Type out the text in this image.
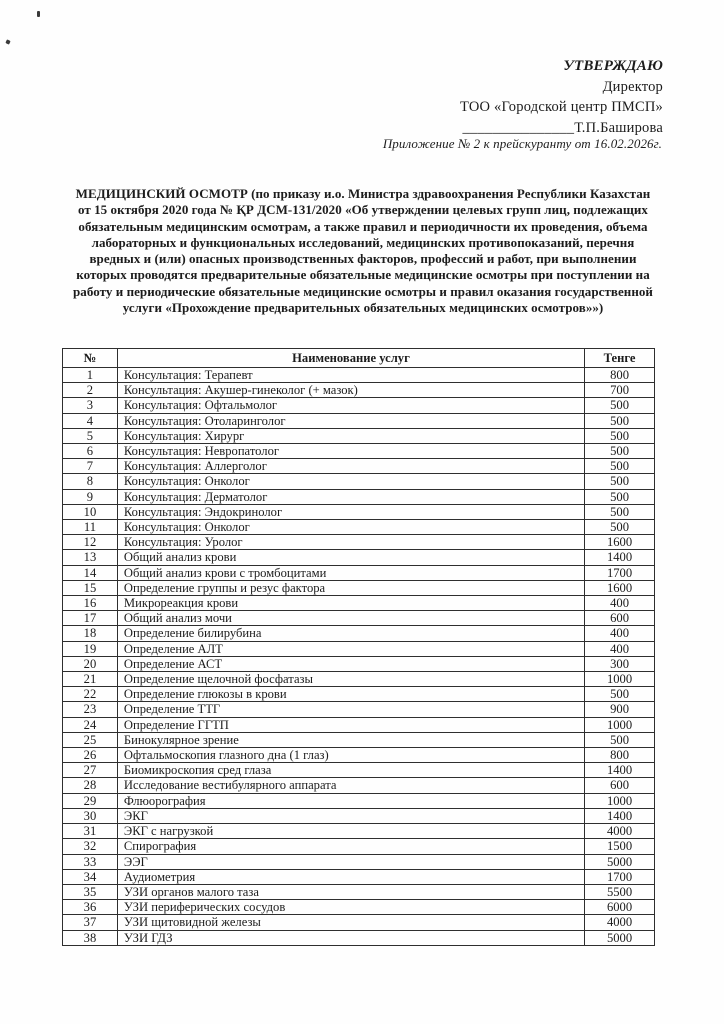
УТВЕРЖДАЮ
Директор
ТОО «Городской центр ПМСП»
_______________Т.П.Баширова
Приложение № 2 к прейскуранту от 16.02.2026г.
МЕДИЦИНСКИЙ ОСМОТР (по приказу и.о. Министра здравоохранения Республики Казахстан от 15 октября 2020 года № ҚР ДСМ-131/2020 «Об утверждении целевых групп лиц, подлежащих обязательным медицинским осмотрам, а также правил и периодичности их проведения, объема лабораторных и функциональных исследований, медицинских противопоказаний, перечня вредных и (или) опасных производственных факторов, профессий и работ, при выполнении которых проводятся предварительные обязательные медицинские осмотры при поступлении на работу и периодические обязательные медицинские осмотры и правил оказания государственной услуги «Прохождение предварительных обязательных медицинских осмотров»»)
№	Наименование услуг	Тенге
1	Консультация: Терапевт	800
2	Консультация: Акушер-гинеколог (+ мазок)	700
3	Консультация: Офтальмолог	500
4	Консультация: Отоларинголог	500
5	Консультация: Хирург	500
6	Консультация: Невропатолог	500
7	Консультация: Аллерголог	500
8	Консультация: Онколог	500
9	Консультация: Дерматолог	500
10	Консультация: Эндокринолог	500
11	Консультация: Онколог	500
12	Консультация: Уролог	1600
13	Общий анализ крови	1400
14	Общий анализ крови с тромбоцитами	1700
15	Определение группы и резус фактора	1600
16	Микрореакция крови	400
17	Общий анализ мочи	600
18	Определение билирубина	400
19	Определение АЛТ	400
20	Определение АСТ	300
21	Определение щелочной фосфатазы	1000
22	Определение глюкозы в крови	500
23	Определение ТТГ	900
24	Определение ГГТП	1000
25	Бинокулярное зрение	500
26	Офтальмоскопия глазного дна (1 глаз)	800
27	Биомикроскопия сред глаза	1400
28	Исследование вестибулярного аппарата	600
29	Флюорография	1000
30	ЭКГ	1400
31	ЭКГ с нагрузкой	4000
32	Спирография	1500
33	ЭЭГ	5000
34	Аудиометрия	1700
35	УЗИ органов малого таза	5500
36	УЗИ периферических сосудов	6000
37	УЗИ щитовидной железы	4000
38	УЗИ ГДЗ	5000
